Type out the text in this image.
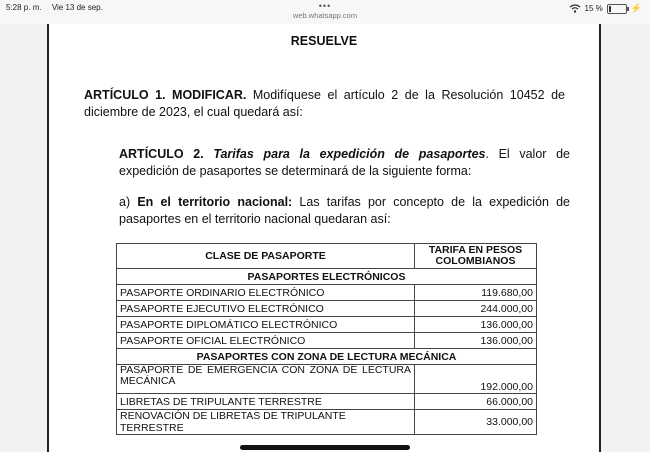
5:28 p. m. Vie 13 de sep.	•••
web.whatsapp.com
15 %	⚡
RESUELVE
ARTÍCULO 1. MODIFICAR. Modifíquese el artículo 2 de la Resolución 10452 de diciembre de 2023, el cual quedará así:
ARTÍCULO 2. Tarifas para la expedición de pasaportes. El valor de expedición de pasaportes se determinará de la siguiente forma:
a) En el territorio nacional: Las tarifas por concepto de la expedición de pasaportes en el territorio nacional quedaran así:
CLASE DE PASAPORTE	TARIFA EN PESOS COLOMBIANOS
PASAPORTES ELECTRÓNICOS	
PASAPORTE ORDINARIO ELECTRÓNICO	119.680,00
PASAPORTE EJECUTIVO ELECTRÓNICO	244.000,00
PASAPORTE DIPLOMÁTICO ELECTRÓNICO	136.000,00
PASAPORTE OFICIAL ELECTRÓNICO	136.000,00
PASAPORTES CON ZONA DE LECTURA MECÁNICA	
PASAPORTE DE EMERGENCIA CON ZONA DE LECTURA MECÁNICA	192.000,00
LIBRETAS DE TRIPULANTE TERRESTRE	66.000,00
RENOVACIÓN DE LIBRETAS DE TRIPULANTE TERRESTRE	33.000,00
